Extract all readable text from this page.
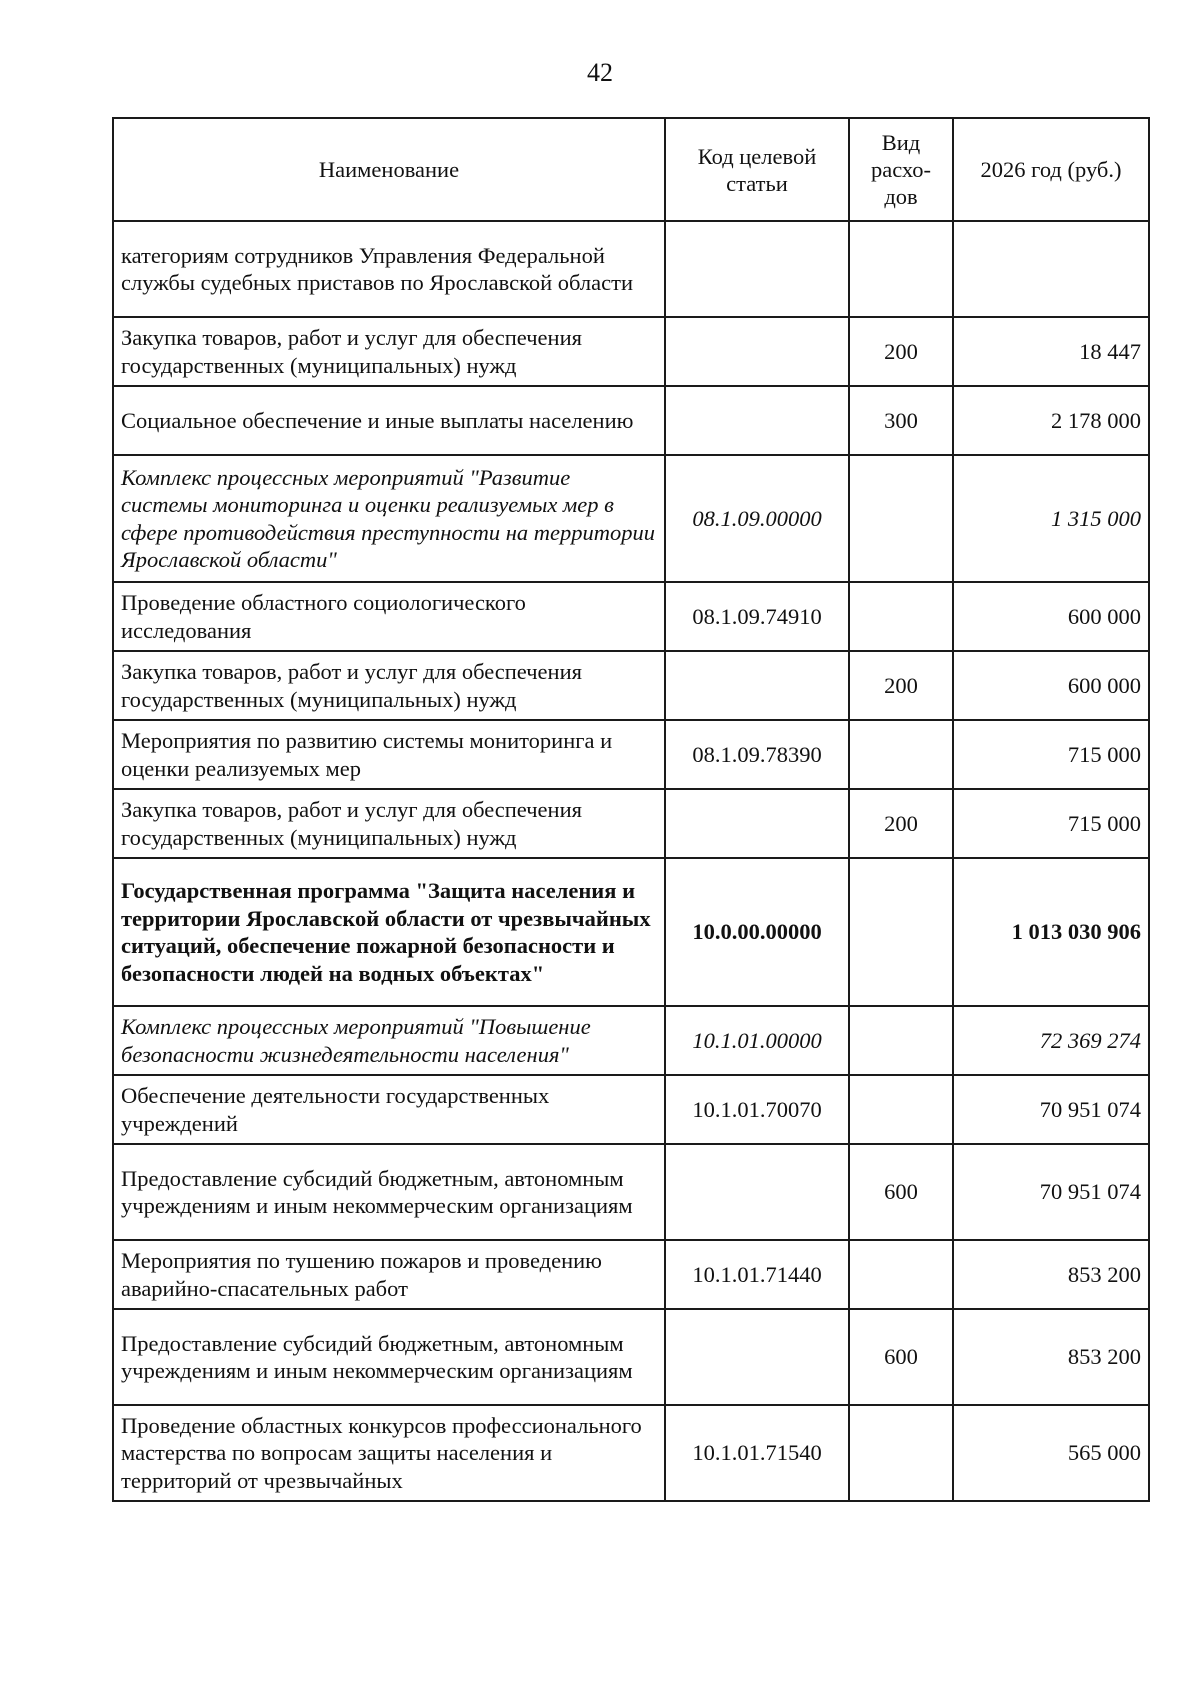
42
Наименование	Код целевой статьи	Вид расхо-дов	2026 год (руб.)
категориям сотрудников Управления Федеральной службы судебных приставов по Ярославской области			
Закупка товаров, работ и услуг для обеспечения государственных (муниципальных) нужд		200	18 447
Социальное обеспечение и иные выплаты населению		300	2 178 000
Комплекс процессных мероприятий "Развитие системы мониторинга и оценки реализуемых мер в сфере противодействия преступности на территории Ярославской области"	08.1.09.00000		1 315 000
Проведение областного социологического исследования	08.1.09.74910		600 000
Закупка товаров, работ и услуг для обеспечения государственных (муниципальных) нужд		200	600 000
Мероприятия по развитию системы мониторинга и оценки реализуемых мер	08.1.09.78390		715 000
Закупка товаров, работ и услуг для обеспечения государственных (муниципальных) нужд		200	715 000
Государственная программа "Защита населения и территории Ярославской области от чрезвычайных ситуаций, обеспечение пожарной безопасности и безопасности людей на водных объектах"	10.0.00.00000		1 013 030 906
Комплекс процессных мероприятий "Повышение безопасности жизнедеятельности населения"	10.1.01.00000		72 369 274
Обеспечение деятельности государственных учреждений	10.1.01.70070		70 951 074
Предоставление субсидий бюджетным, автономным учреждениям и иным некоммерческим организациям		600	70 951 074
Мероприятия по тушению пожаров и проведению аварийно-спасательных работ	10.1.01.71440		853 200
Предоставление субсидий бюджетным, автономным учреждениям и иным некоммерческим организациям		600	853 200
Проведение областных конкурсов профессионального мастерства по вопросам защиты населения и территорий от чрезвычайных	10.1.01.71540		565 000
